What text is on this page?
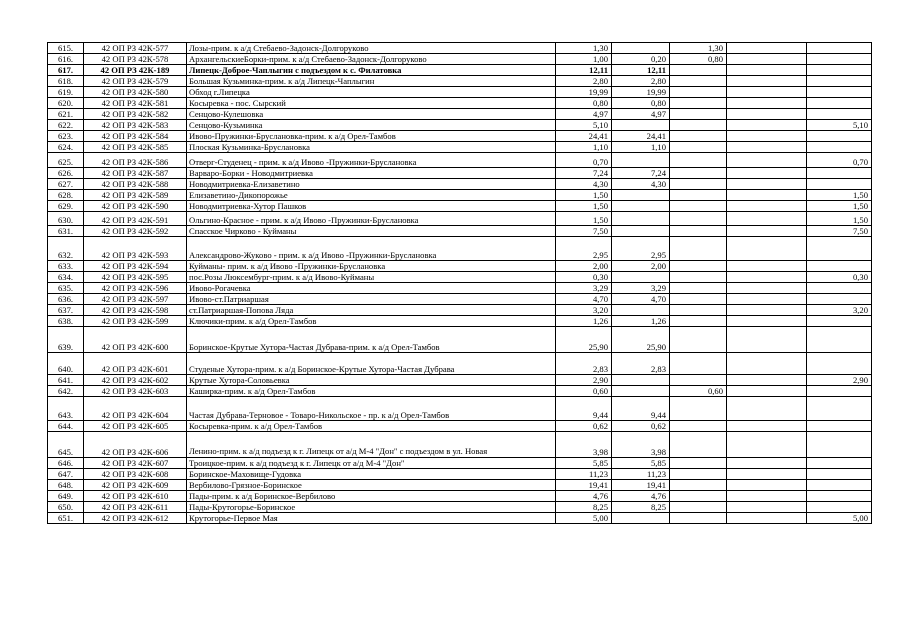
615.	42 ОП РЗ 42К-577	Лозы-прим. к а/д Стебаево-Задонск-Долгоруково	1,30		1,30		
616.	42 ОП РЗ 42К-578	АрхангельскиеБорки-прим. к а/д Стебаево-Задонск-Долгоруково	1,00	0,20	0,80		
617.	42 ОП РЗ 42К-189	Липецк-Доброе-Чаплыгин с подъездом к с. Филатовка	12,11	12,11			
618.	42 ОП РЗ 42К-579	Большая Кузьминка-прим. к а/д Липецк-Чаплыгин	2,80	2,80			
619.	42 ОП РЗ 42К-580	Обход г.Липецка	19,99	19,99			
620.	42 ОП РЗ 42К-581	Косыревка - пос. Сырский	0,80	0,80			
621.	42 ОП РЗ 42К-582	Сенцово-Кулешовка	4,97	4,97			
622.	42 ОП РЗ 42К-583	Сенцово-Кузьминка	5,10				5,10
623.	42 ОП РЗ 42К-584	Ивово-Пружинки-Бруслановка-прим. к а/д Орел-Тамбов	24,41	24,41			
624.	42 ОП РЗ 42К-585	Плоская Кузьминка-Бруслановка	1,10	1,10			
625.	42 ОП РЗ 42К-586	Отверг-Студенец - прим. к а/д Ивово -Пружинки-Бруслановка	0,70				0,70
626.	42 ОП РЗ 42К-587	Варваро-Борки - Новодмитриевка	7,24	7,24			
627.	42 ОП РЗ 42К-588	Новодмитриевка-Елизаветино	4,30	4,30			
628.	42 ОП РЗ 42К-589	Елизаветино-Дикопорожье	1,50				1,50
629.	42 ОП РЗ 42К-590	Новодмитриевка-Хутор Пашков	1,50				1,50
630.	42 ОП РЗ 42К-591	Ольгино-Красное - прим. к а/д Ивово -Пружинки-Бруслановка	1,50				1,50
631.	42 ОП РЗ 42К-592	Спасское Чирково - Куйманы	7,50				7,50
632.	42 ОП РЗ 42К-593	Александрово-Жуково - прим. к а/д Ивово -Пружинки-Бруслановка	2,95	2,95			
633.	42 ОП РЗ 42К-594	Куйманы- прим. к а/д Ивово -Пружинки-Бруслановка	2,00	2,00			
634.	42 ОП РЗ 42К-595	пос.Розы Люксембург-прим. к а/д Ивово-Куйманы	0,30				0,30
635.	42 ОП РЗ 42К-596	Ивово-Рогачевка	3,29	3,29			
636.	42 ОП РЗ 42К-597	Ивово-ст.Патриаршая	4,70	4,70			
637.	42 ОП РЗ 42К-598	ст.Патриаршая-Попова Ляда	3,20				3,20
638.	42 ОП РЗ 42К-599	Ключики-прим. к а/д Орел-Тамбов	1,26	1,26			
639.	42 ОП РЗ 42К-600	Боринское-Крутые Хутора-Частая Дубрава-прим. к а/д Орел-Тамбов	25,90	25,90			
640.	42 ОП РЗ 42К-601	Студеные Хутора-прим. к а/д Боринское-Крутые Хутора-Частая Дубрава	2,83	2,83			
641.	42 ОП РЗ 42К-602	Крутые Хутора-Соловьевка	2,90				2,90
642.	42 ОП РЗ 42К-603	Каширка-прим. к а/д Орел-Тамбов	0,60		0,60		
643.	42 ОП РЗ 42К-604	Частая Дубрава-Терновое - Товаро-Никольское - пр. к а/д Орел-Тамбов	9,44	9,44			
644.	42 ОП РЗ 42К-605	Косыревка-прим. к а/д Орел-Тамбов	0,62	0,62			
645.	42 ОП РЗ 42К-606	Ленино-прим. к а/д подъезд к г. Липецк от а/д М-4 "Дон" с подъездом в ул. Новая	3,98	3,98			
646.	42 ОП РЗ 42К-607	Троицкое-прим. к а/д подъезд к г. Липецк от а/д М-4 "Дон"	5,85	5,85			
647.	42 ОП РЗ 42К-608	Боринское-Маховище-Гудовка	11,23	11,23			
648.	42 ОП РЗ 42К-609	Вербилово-Грязное-Боринское	19,41	19,41			
649.	42 ОП РЗ 42К-610	Пады-прим. к а/д Боринское-Вербилово	4,76	4,76			
650.	42 ОП РЗ 42К-611	Пады-Крутогорье-Боринское	8,25	8,25			
651.	42 ОП РЗ 42К-612	Крутогорье-Первое Мая	5,00				5,00
